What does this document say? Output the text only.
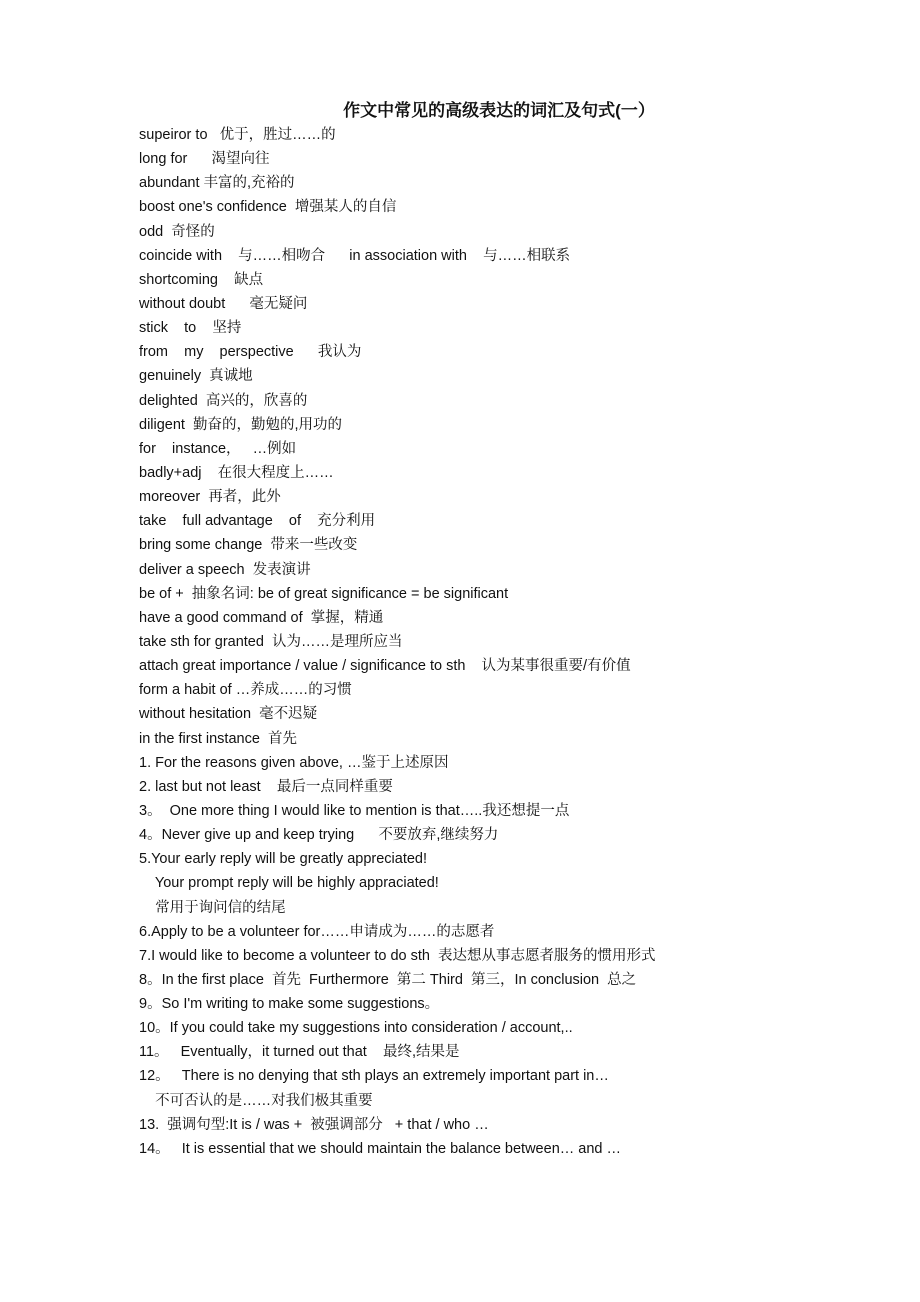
作文中常见的高级表达的词汇及句式(一）
supeiror to   优于，胜过……的
long for      渴望向往
abundant 丰富的,充裕的
boost one's confidence  增强某人的自信
odd  奇怪的
coincide with    与……相吻合      in association with    与……相联系
shortcoming    缺点
without doubt      毫无疑问
stick    to    坚持
from    my    perspective      我认为
genuinely  真诚地
delighted  高兴的，欣喜的
diligent  勤奋的，勤勉的,用功的
for    instance，   …例如
badly+adj    在很大程度上……
moreover  再者，此外
take    full advantage    of    充分利用
bring some change  带来一些改变
deliver a speech  发表演讲
be of +  抽象名词: be of great significance = be significant
have a good command of  掌握，精通
take sth for granted  认为……是理所应当
attach great importance / value / significance to sth    认为某事很重要/有价值
form a habit of …养成……的习惯
without hesitation  毫不迟疑
in the first instance  首先
1. For the reasons given above, …鉴于上述原因
2. last but not least    最后一点同样重要
3。  One more thing I would like to mention is that…..我还想提一点
4。Never give up and keep trying      不要放弃,继续努力
5.Your early reply will be greatly appreciated!
Your prompt reply will be highly appraciated!
常用于询问信的结尾
6.Apply to be a volunteer for……申请成为……的志愿者
7.I would like to become a volunteer to do sth  表达想从事志愿者服务的惯用形式
8。In the first place  首先  Furthermore  第二 Third  第三，In conclusion  总之
9。So I'm writing to make some suggestions。
10。If you could take my suggestions into consideration / account,..
11。   Eventually，it turned out that    最终,结果是
12。   There is no denying that sth plays an extremely important part in…
不可否认的是……对我们极其重要
13.  强调句型:It is / was +  被强调部分   + that / who …
14。   It is essential that we should maintain the balance between… and …
